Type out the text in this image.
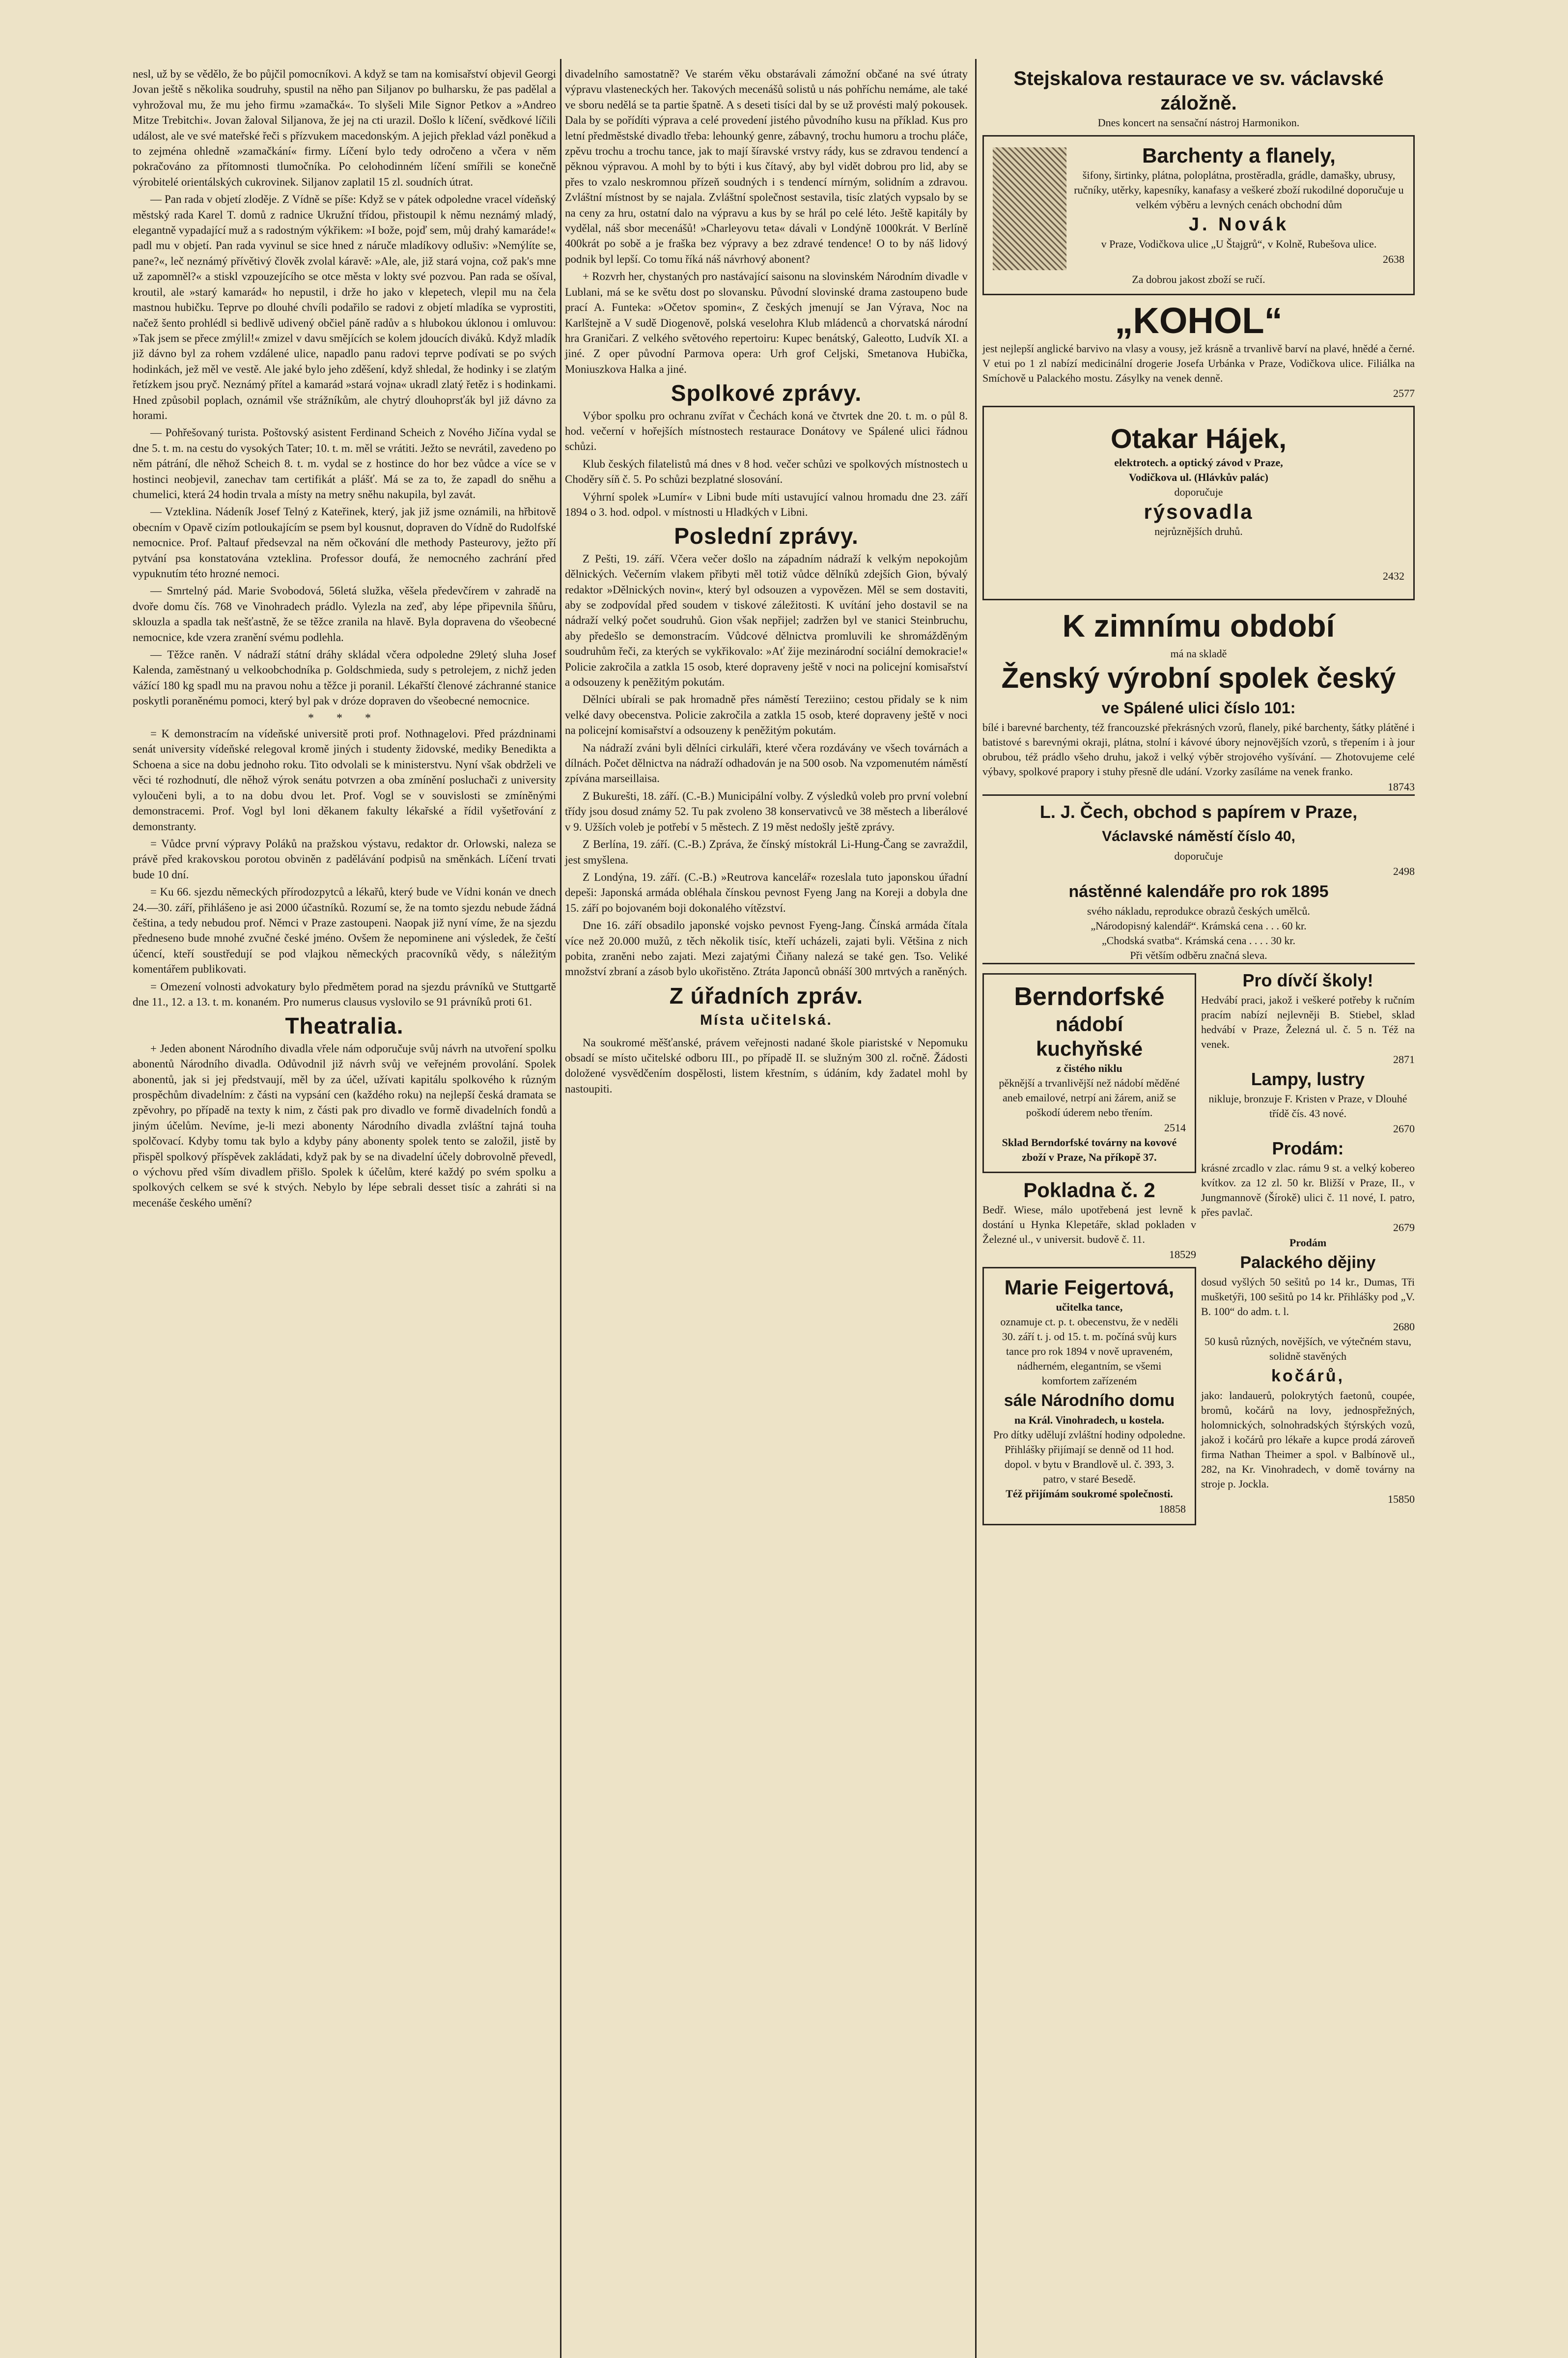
nesl, už by se vědělo, že bo půjčil pomocníkovi. A když se tam na komisařství objevil Georgi Jovan ještě s několika soudruhy, spustil na něho pan Siljanov po bulharsku, že pas padělal a vyhrožoval mu, že mu jeho firmu »zamačká«. To slyšeli Mile Signor Petkov a »Andreo Mitze Trebitchi«. Jovan žaloval Siljanova, že jej na cti urazil. Došlo k líčení, svědkové líčili událost, ale ve své mateřské řeči s přízvukem macedonským. A jejich překlad vázl poněkud a to zejména ohledně »zamačkání« firmy. Líčení bylo tedy odročeno a včera v něm pokračováno za přítomnosti tlumočníka. Po celohodinném líčení smířili se konečně výrobitelé orientálských cukrovinek. Siljanov zaplatil 15 zl. soudních útrat.

— Pan rada v objetí zloděje. Z Vídně se píše: Když se v pátek odpoledne vracel vídeňský městský rada Karel T. domů z radnice Ukružní třídou, přistoupil k němu neznámý mladý, elegantně vypadající muž a s radostným výkřikem: »I bože, pojď sem, můj drahý kamaráde!« padl mu v objetí. Pan rada vyvinul se sice hned z náruče mladíkovy odlušiv: »Nemýlíte se, pane?«, leč neznámý přívětivý člověk zvolal káravě: »Ale, ale, již stará vojna, což pak's mne už zapomněl?« a stiskl vzpouzejícího se otce města v lokty své pozvou. Pan rada se ošíval, kroutil, ale »starý kamarád« ho nepustil, i drže ho jako v klepetech, vlepil mu na čela mastnou hubičku. Teprve po dlouhé chvíli podařilo se radovi z objetí mladíka se vyprostiti, načež šento prohlédl si bedlivě udivený občiel páně radův a s hlubokou úklonou i omluvou: »Tak jsem se přece zmýlil!« zmizel v davu smějících se kolem jdoucích diváků. Když mladík již dávno byl za rohem vzdálené ulice, napadlo panu radovi teprve podívati se po svých hodinkách, jež měl ve vestě. Ale jaké bylo jeho zděšení, když shledal, že hodinky i se zlatým řetízkem jsou pryč. Neznámý přítel a kamarád »stará vojna« ukradl zlatý řetěz i s hodinkami. Hned způsobil poplach, oznámil vše strážníkům, ale chytrý dlouhoprsťák byl již dávno za horami.

— Pohřešovaný turista. Poštovský asistent Ferdinand Scheich z Nového Jičína vydal se dne 5. t. m. na cestu do vysokých Tater; 10. t. m. měl se vrátiti. Ježto se nevrátil, zavedeno po něm pátrání, dle něhož Scheich 8. t. m. vydal se z hostince do hor bez vůdce a více se v hostinci neobjevil, zanechav tam certifikát a plášť. Má se za to, že zapadl do sněhu a chumelici, která 24 hodin trvala a místy na metry sněhu nakupila, byl zavát.

— Vzteklina. Nádeník Josef Telný z Kateřinek, který, jak již jsme oznámili, na hřbitově obecním v Opavě cizím potloukajícím se psem byl kousnut, dopraven do Vídně do Rudolfské nemocnice. Prof. Paltauf předsevzal na něm očkování dle methody Pasteurovy, ježto pří pytvání psa konstatována vzteklina. Professor doufá, že nemocného zachrání před vypuknutím této hrozné nemoci.

— Smrtelný pád. Marie Svobodová, 56letá služka, věšela předevčírem v zahradě na dvoře domu čís. 768 ve Vinohradech prádlo. Vylezla na zeď, aby lépe připevnila šňůru, sklouzla a spadla tak nešťastně, že se těžce zranila na hlavě. Byla dopravena do všeobecné nemocnice, kde vzera zranění svému podlehla.

— Těžce raněn. V nádraží státní dráhy skládal včera odpoledne 29letý sluha Josef Kalenda, zaměstnaný u velkoobchodníka p. Goldschmieda, sudy s petrolejem, z nichž jeden vážící 180 kg spadl mu na pravou nohu a těžce ji poranil. Lékařští členové záchranné stanice poskytli poraněnému pomoci, který byl pak v dróze dopraven do všeobecné nemocnice.

* * *

= K demonstracím na vídeňské universitě proti prof. Nothnagelovi. Před prázdninami senát university vídeňské relegoval kromě jiných i studenty židovské, mediky Benedikta a Schoena a sice na dobu jednoho roku. Tito odvolali se k ministerstvu. Nyní však obdrželi ve věci té rozhodnutí, dle něhož výrok senátu potvrzen a oba zmínění posluchači z university vyloučeni byli, a to na dobu dvou let. Prof. Vogl se v souvislosti se zmíněnými demonstracemi. Prof. Vogl byl loni děkanem fakulty lékařské a řídil vyšetřování z demonstranty.

= Vůdce první výpravy Poláků na pražskou výstavu, redaktor dr. Orlowski, naleza se právě před krakovskou porotou obviněn z padělávání podpisů na směnkách. Líčení trvati bude 10 dní.

= Ku 66. sjezdu německých přírodozpytců a lékařů, který bude ve Vídni konán ve dnech 24.—30. září, přihlášeno je asi 2000 účastníků. Rozumí se, že na tomto sjezdu nebude žádná čeština, a tedy nebudou prof. Němci v Praze zastoupeni. Naopak již nyní víme, že na sjezdu předneseno bude mnohé zvučné české jméno. Ovšem že nepominene ani výsledek, že čeští účencí, kteří soustředují se pod vlajkou německých pracovníků vědy, s náležitým komentářem publikovati.

= Omezení volnosti advokatury bylo předmětem porad na sjezdu právníků ve Stuttgartě dne 11., 12. a 13. t. m. konaném. Pro numerus clausus vyslovilo se 91 právníků proti 61.

Theatralia.

+ Jeden abonent Národního divadla vřele nám odporučuje svůj návrh na utvoření spolku abonentů Národního divadla. Odůvodnil již návrh svůj ve veřejném provolání. Spolek abonentů, jak si jej předstvaují, měl by za účel, užívati kapitálu spolkového k různým prospěchům divadelním: z části na vypsání cen (každého roku) na nejlepší česká dramata se zpěvohry, po případě na texty k nim, z části pak pro divadlo ve formě divadelních fondů a jiným účelům. Nevíme, je-li mezi abonenty Národního divadla zvláštní tajná touha spolčovací. Kdyby tomu tak bylo a kdyby pány abonenty spolek tento se založil, jistě by přispěl spolkový příspěvek zakládati, když pak by se na divadelní účely dobrovolně převedl, o výchovu před vším divadlem přišlo. Spolek k účelům, které každý po svém spolku a spolkových celkem se své k stvých. Nebylo by lépe sebrali desset tisíc a zahráti si na mecenáše českého umění?

divadelního samostatně? Ve starém věku obstarávali zámožní občané na své útraty výpravu vlasteneckých her. Takových mecenášů solistů u nás pohříchu nemáme, ale také ve sboru nedělá se ta partie špatně. A s deseti tisíci dal by se už provésti malý pokousek. Dala by se pořídíti výprava a celé provedení jistého původního kusu na příklad. Kus pro letní předměstské divadlo třeba: lehounký genre, zábavný, trochu humoru a trochu pláče, zpěvu trochu a trochu tance, jak to mají šíravské vrstvy rády, kus se zdravou tendencí a pěknou výpravou. A mohl by to býti i kus čítavý, aby byl vidět dobrou pro lid, aby se přes to vzalo neskromnou přízeň soudných i s tendencí mírným, solidním a zdravou. Zvláštní místnost by se najala. Zvláštní společnost sestavila, tisíc zlatých vypsalo by se na ceny za hru, ostatní dalo na výpravu a kus by se hrál po celé léto. Ještě kapitály by vydělal, náš sbor mecenášů! »Charleyovu teta« dávali v Londýně 1000krát. V Berlíně 400krát po sobě a je fraška bez výpravy a bez zdravé tendence! O to by náš lidový podnik byl lepší. Co tomu říká náš návrhový abonent?

+ Rozvrh her, chystaných pro nastávající saisonu na slovinském Národním divadle v Lublani, má se ke světu dost po slovansku. Původní slovinské drama zastoupeno bude prací A. Funteka: »Očetov spomin«, Z českých jmenují se Jan Výrava, Noc na Karlštejně a V sudě Diogenově, polská veselohra Klub mládenců a chorvatská národní hra Graničari. Z velkého světového repertoiru: Kupec benátský, Galeotto, Ludvík XI. a jiné. Z oper původní Parmova opera: Urh grof Celjski, Smetanova Hubička, Moniuszkova Halka a jiné.

Spolkové zprávy.

Výbor spolku pro ochranu zvířat v Čechách koná ve čtvrtek dne 20. t. m. o půl 8. hod. večerní v hořejších místnostech restaurace Donátovy ve Spálené ulici řádnou schůzi.

Klub českých filatelistů má dnes v 8 hod. večer schůzi ve spolkových místnostech u Choděry síň č. 5. Po schůzi bezplatné slosování.

Výhrní spolek »Lumír« v Libni bude míti ustavující valnou hromadu dne 23. září 1894 o 3. hod. odpol. v místnosti u Hladkých v Libni.

Poslední zprávy.

Z Pešti, 19. září. Včera večer došlo na západním nádraží k velkým nepokojům dělnických. Večerním vlakem přibyti měl totiž vůdce dělníků zdejších Gion, bývalý redaktor »Dělnických novin«, který byl odsouzen a vypovězen. Měl se sem dostaviti, aby se zodpovídal před soudem v tiskové záležitosti. K uvítání jeho dostavil se na nádraží velký počet soudruhů. Gion však nepřijel; zadržen byl ve stanici Steinbruchu, aby předešlo se demonstracím. Vůdcové dělnictva promluvili ke shromážděným soudruhům řeči, za kterých se vykřikovalo: »Ať žije mezinárodní sociální demokracie!« Policie zakročila a zatkla 15 osob, které dopraveny ještě v noci na policejní komisařství a odsouzeny k peněžitým pokutám.

Dělníci ubírali se pak hromadně přes náměstí Tereziino; cestou přidaly se k nim velké davy obecenstva. Policie zakročila a zatkla 15 osob, které dopraveny ještě v noci na policejní komisařství a odsouzeny k peněžitým pokutám.

Na nádraží zváni byli dělníci cirkuláři, které včera rozdávány ve všech továrnách a dílnách. Počet dělnictva na nádraží odhadován je na 500 osob. Na vzpomenutém náměstí zpívána marseillaisa.

Z Bukurešti, 18. září. (C.-B.) Municipální volby. Z výsledků voleb pro první volební třídy jsou dosud známy 52. Tu pak zvoleno 38 konservativců ve 38 městech a liberálové v 9. Užších voleb je potřebí v 5 městech. Z 19 měst nedošly ještě zprávy.

Z Berlína, 19. září. (C.-B.) Zpráva, že čínský místokrál Li-Hung-Čang se zavraždil, jest smyšlena.

Z Londýna, 19. září. (C.-B.) »Reutrova kancelář« rozeslala tuto japonskou úřadní depeši: Japonská armáda obléhala čínskou pevnost Fyeng Jang na Koreji a dobyla dne 15. září po bojovaném boji dokonalého vítězství.

Dne 16. září obsadilo japonské vojsko pevnost Fyeng-Jang. Čínská armáda čítala více než 20.000 mužů, z těch několik tisíc, kteří ucházeli, zajati byli. Většina z nich pobita, zraněni nebo zajati. Mezi zajatými Čiňany nalezá se také gen. Tso. Veliké množství zbraní a zásob bylo ukořistěno. Ztráta Japonců obnáší 300 mrtvých a raněných.

Z úřadních zpráv.
Místa učitelská.

Na soukromé měšťanské, právem veřejnosti nadané škole piaristské v Nepomuku obsadí se místo učitelské odboru III., po případě II. se služným 300 zl. ročně. Žádosti doložené vysvědčením dospělosti, listem křestním, s údáním, kdy žadatel mohl by nastoupiti.

Stejskalova restaurace ve sv. václavské záložně.
Dnes koncert na sensační nástroj Harmonikon.
Barchenty a flanely,
šifony, širtinky, plátna, poloplátna, prostěradla, grádle, damašky, ubrusy, ručníky, utěrky, kapesníky, kanafasy a veškeré zboží rukodilné doporučuje u velkém výběru a levných cenách obchodní dům
J. Novák
v Praze, Vodičkova ulice „U Štajgrů“, v Kolně, Rubešova ulice.
2638
Za dobrou jakost zboží se ručí.
„KOHOL“
jest nejlepší anglické barvivo na vlasy a vousy, jež krásně a trvanlivě barví na plavé, hnědé a černé. V etui po 1 zl nabízí medicinální drogerie Josefa Urbánka v Praze, Vodičkova ulice. Filiálka na Smíchově u Palackého mostu. Zásylky na venek denně.
2577
Otakar Hájek,
elektrotech. a optický závod v Praze,
Vodičkova ul. (Hlávkův palác)
doporučuje
rýsovadla
nejrůznějších druhů.
2432
K zimnímu období
má na skladě
Ženský výrobní spolek český
ve Spálené ulici číslo 101:
bílé i barevné barchenty, též francouzské překrásných vzorů, flanely, piké barchenty, šátky plátěné i batistové s barevnými okraji, plátna, stolní i kávové úbory nejnovějších vzorů, s třepením i à jour obrubou, též prádlo všeho druhu, jakož i velký výběr strojového vyšívání. — Zhotovujeme celé výbavy, spolkové prapory i stuhy přesně dle udání. Vzorky zasíláme na venek franko.
18743
L. J. Čech, obchod s papírem v Praze,
Václavské náměstí číslo 40,
doporučuje
2498
nástěnné kalendáře pro rok 1895
svého nákladu, reprodukce obrazů českých umělců.
„Národopisný kalendář“. Krámská cena . . . 60 kr.
„Chodská svatba“. Krámská cena . . . . 30 kr.
Při větším odběru značná sleva.
Berndorfské
nádobí
kuchyňské
z čistého niklu
pěknější a trvanlivější než nádobí měděné aneb emailové, netrpí ani žárem, aniž se poškodí úderem nebo třením.
2514
Sklad Berndorfské továrny na kovové zboží v Praze, Na příkopě 37.
Pokladna č. 2
Bedř. Wiese, málo upotřebená jest levně k dostání u Hynka Klepetáře, sklad pokladen v Železné ul., v universit. budově č. 11.
18529
Marie Feigertová,
učitelka tance,
oznamuje ct. p. t. obecenstvu, že v neděli 30. září t. j. od 15. t. m. počíná svůj kurs tance pro rok 1894 v nově upraveném, nádherném, elegantním, se všemi komfortem zařízeném
sále Národního domu
na Král. Vinohradech, u kostela.
Pro dítky udělují zvláštní hodiny odpoledne. Přihlášky přijímají se denně od 11 hod. dopol. v bytu v Brandlově ul. č. 393, 3. patro, v staré Besedě.
Též přijímám soukromé společnosti.
18858
Pro dívčí školy!
Hedvábí praci, jakož i veškeré potřeby k ručním pracím nabízí nejlevněji B. Stiebel, sklad hedvábí v Praze, Železná ul. č. 5 n. Též na venek.
2871
Lampy, lustry
nikluje, bronzuje F. Kristen v Praze, v Dlouhé třídě čís. 43 nové.
2670
Prodám:
krásné zrcadlo v zlac. rámu 9 st. a velký kobereo kvítkov. za 12 zl. 50 kr. Bližší v Praze, II., v Jungmannově (Šírokě) ulici č. 11 nové, I. patro, přes pavlač.
2679
Prodám
Palackého dějiny
dosud vyšlých 50 sešitů po 14 kr., Dumas, Tři mušketýři, 100 sešitů po 14 kr. Přihlášky pod „V. B. 100“ do adm. t. l.
2680
50 kusů různých, novějších, ve výtečném stavu, solidně stavěných
kočárů,
jako: landauerů, polokrytých faetonů, coupée, bromů, kočárů na lovy, jednospřežných, holomnických, solnohradských štýrských vozů, jakož i kočárů pro lékaře a kupce prodá zároveň firma Nathan Theimer a spol. v Balbínově ul., 282, na Kr. Vinohradech, v domě továrny na stroje p. Jockla.
15850
